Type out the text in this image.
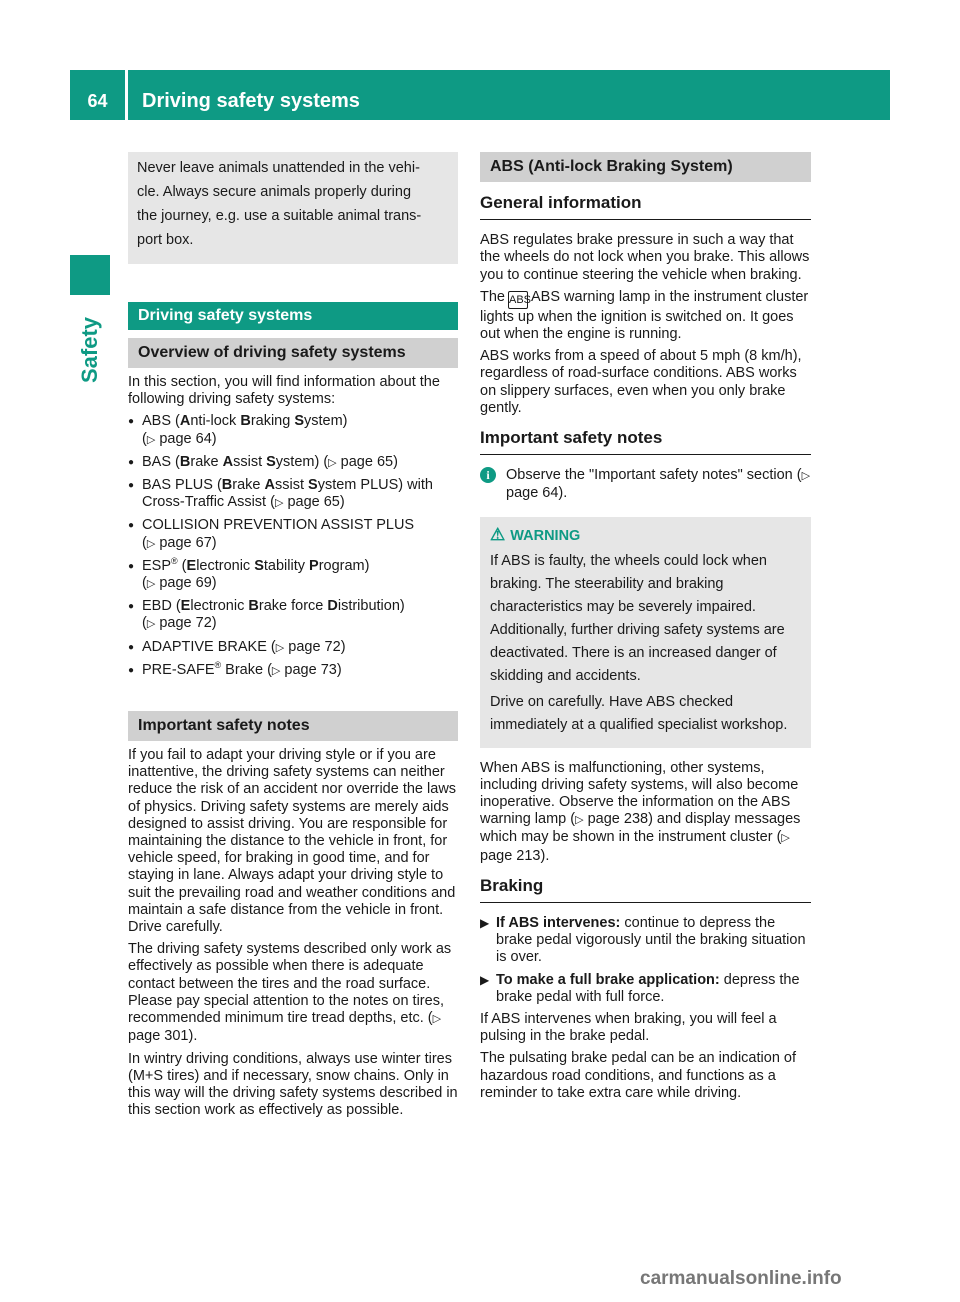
64	Driving safety systems
Safety

Never leave animals unattended in the vehi-

cle. Always secure animals properly during

the journey, e.g. use a suitable animal trans-

port box.

Driving safety systems
Overview of driving safety systems

In this section, you will find information about the following driving safety systems:

● ABS (Anti-lock Braking System)
(▷ page 64)
● BAS (Brake Assist System) (▷ page 65)
● BAS PLUS (Brake Assist System PLUS) with Cross-Traffic Assist (▷ page 65)
● COLLISION PREVENTION ASSIST PLUS
(▷ page 67)
● ESP® (Electronic Stability Program)
(▷ page 69)
● EBD (Electronic Brake force Distribution)
(▷ page 72)
● ADAPTIVE BRAKE (▷ page 72)
● PRE-SAFE® Brake (▷ page 73)
Important safety notes

If you fail to adapt your driving style or if you are inattentive, the driving safety systems can neither reduce the risk of an accident nor override the laws of physics. Driving safety systems are merely aids designed to assist driving. You are responsible for maintaining the distance to the vehicle in front, for vehicle speed, for braking in good time, and for staying in lane. Always adapt your driving style to suit the prevailing road and weather conditions and maintain a safe distance from the vehicle in front. Drive carefully.

The driving safety systems described only work as effectively as possible when there is adequate contact between the tires and the road surface. Please pay special attention to the notes on tires, recommended minimum tire tread depths, etc. (▷ page 301).

In wintry driving conditions, always use winter tires (M+S tires) and if necessary, snow chains. Only in this way will the driving safety systems described in this section work as effectively as possible.

ABS (Anti-lock Braking System)
General information

ABS regulates brake pressure in such a way that the wheels do not lock when you brake. This allows you to continue steering the vehicle when braking.

The ABSABS warning lamp in the instrument cluster lights up when the ignition is switched on. It goes out when the engine is running.

ABS works from a speed of about 5 mph (8 km/h), regardless of road-surface conditions. ABS works on slippery surfaces, even when you only brake gently.

Important safety notes
i	Observe the "Important safety notes" section (▷ page 64).
⚠ WARNING

If ABS is faulty, the wheels could lock when braking. The steerability and braking characteristics may be severely impaired. Additionally, further driving safety systems are deactivated. There is an increased danger of skidding and accidents.

Drive on carefully. Have ABS checked immediately at a qualified specialist workshop.

When ABS is malfunctioning, other systems, including driving safety systems, will also become inoperative. Observe the information on the ABS warning lamp (▷ page 238) and display messages which may be shown in the instrument cluster (▷ page 213).

Braking
▶ If ABS intervenes: continue to depress the brake pedal vigorously until the braking situation is over.
▶ To make a full brake application: depress the brake pedal with full force.

If ABS intervenes when braking, you will feel a pulsing in the brake pedal.

The pulsating brake pedal can be an indication of hazardous road conditions, and functions as a reminder to take extra care while driving.

carmanualsonline.info
